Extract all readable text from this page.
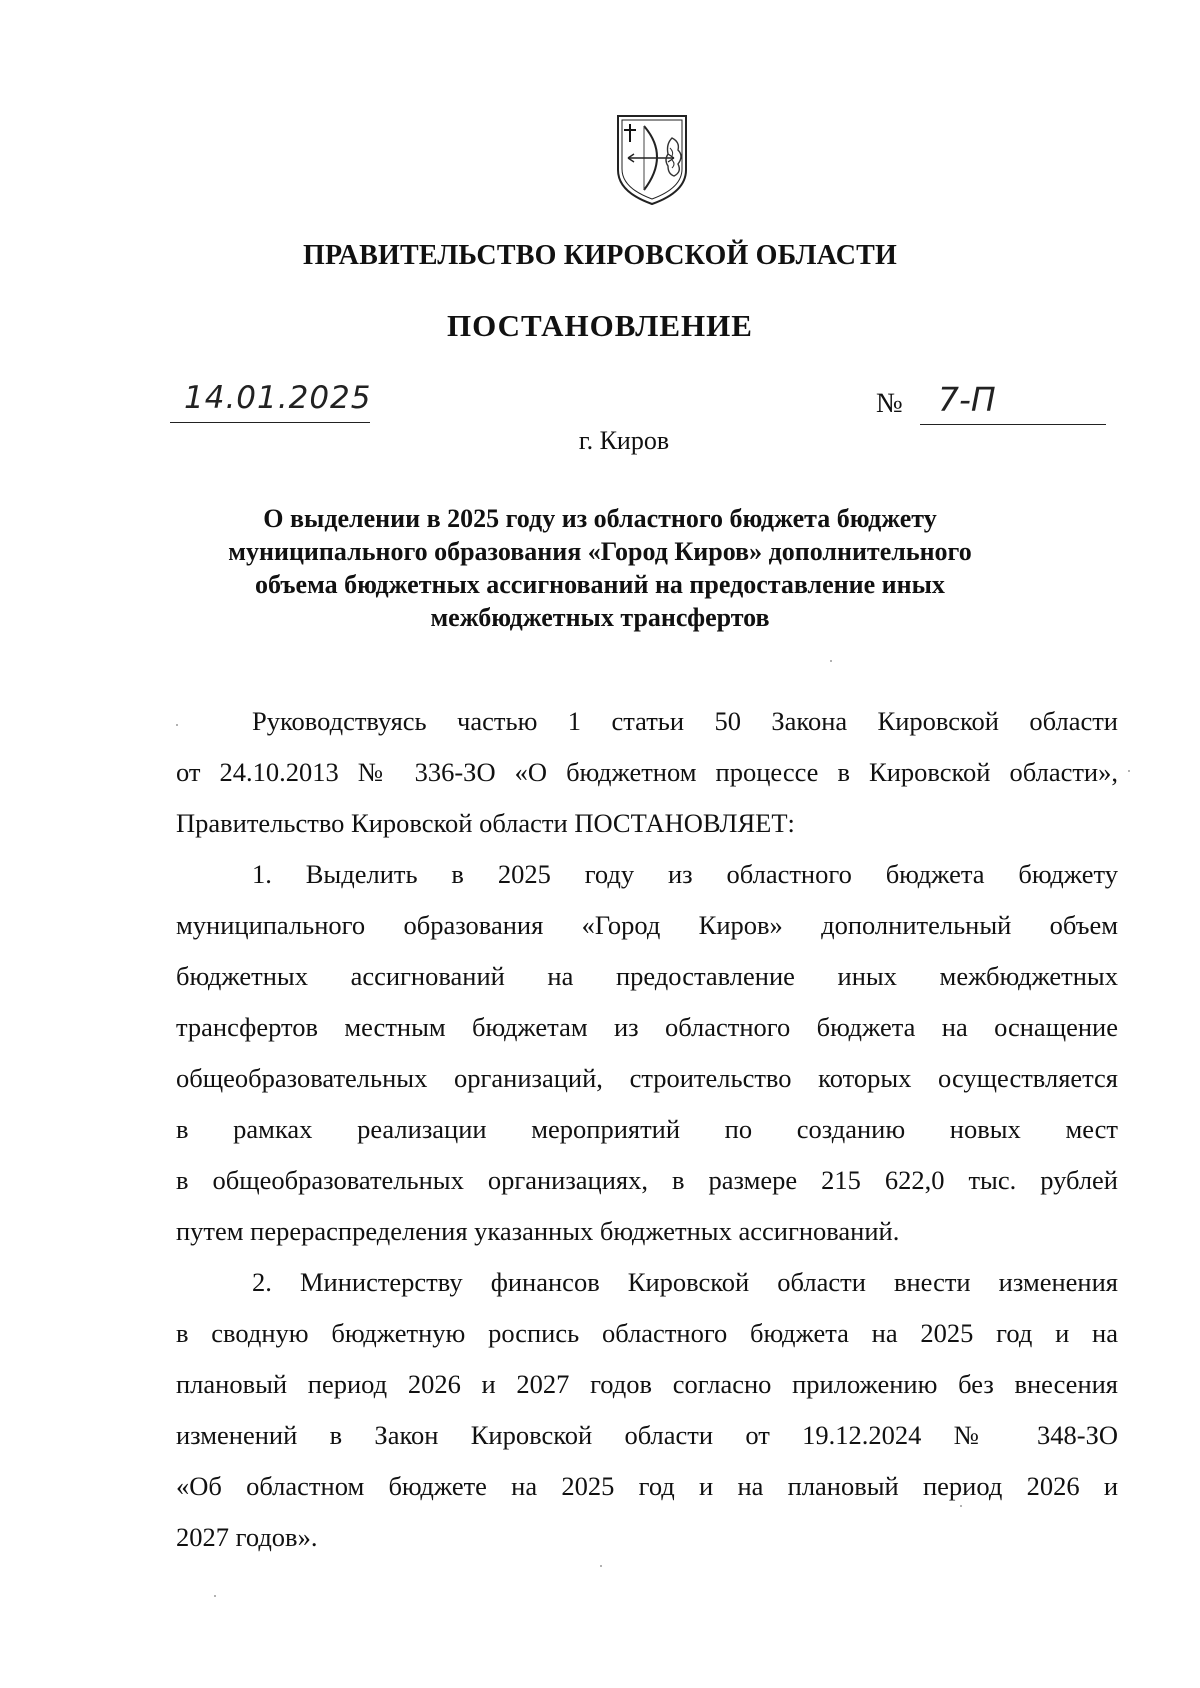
ПРАВИТЕЛЬСТВО КИРОВСКОЙ ОБЛАСТИ
ПОСТАНОВЛЕНИЕ
14.01.2025	№ 7-П
г. Киров
О выделении в 2025 году из областного бюджета бюджету
муниципального образования «Город Киров» дополнительного
объема бюджетных ассигнований на предоставление иных
межбюджетных трансфертов
Руководствуясь частью 1 статьи 50 Закона Кировской области
от 24.10.2013 № 336-ЗО «О бюджетном процессе в Кировской области»,
Правительство Кировской области ПОСТАНОВЛЯЕТ:
1. Выделить в 2025 году из областного бюджета бюджету
муниципального образования «Город Киров» дополнительный объем
бюджетных ассигнований на предоставление иных межбюджетных
трансфертов местным бюджетам из областного бюджета на оснащение
общеобразовательных организаций, строительство которых осуществляется
в рамках реализации мероприятий по созданию новых мест
в общеобразовательных организациях, в размере 215 622,0 тыс. рублей
путем перераспределения указанных бюджетных ассигнований.
2. Министерству финансов Кировской области внести изменения
в сводную бюджетную роспись областного бюджета на 2025 год и на
плановый период 2026 и 2027 годов согласно приложению без внесения
изменений в Закон Кировской области от 19.12.2024 № 348-ЗО
«Об областном бюджете на 2025 год и на плановый период 2026 и
2027 годов».
